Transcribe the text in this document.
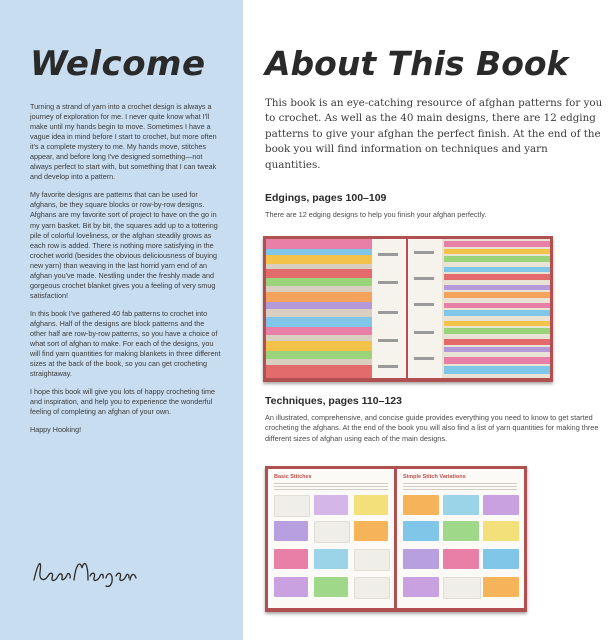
Welcome

Turning a strand of yarn into a crochet design is always a journey of exploration for me. I never quite know what I'll make until my hands begin to move. Sometimes I have a vague idea in mind before I start to crochet, but more often it's a complete mystery to me. My hands move, stitches appear, and before long I've designed something—not always perfect to start with, but something that I can tweak and develop into a pattern.

My favorite designs are patterns that can be used for afghans, be they square blocks or row-by-row designs. Afghans are my favorite sort of project to have on the go in my yarn basket. Bit by bit, the squares add up to a tottering pile of colorful loveliness, or the afghan steadily grows as each row is added. There is nothing more satisfying in the crochet world (besides the obvious deliciousness of buying new yarn) than weaving in the last horrid yarn end of an afghan you've made. Nestling under the freshly made and gorgeous crochet blanket gives you a feeling of very smug satisfaction!

In this book I've gathered 40 fab patterns to crochet into afghans. Half of the designs are block patterns and the other half are row-by-row patterns, so you have a choice of what sort of afghan to make. For each of the designs, you will find yarn quantities for making blankets in three different sizes at the back of the book, so you can get crocheting straightaway.

I hope this book will give you lots of happy crocheting time and inspiration, and help you to experience the wonderful feeling of completing an afghan of your own.

Happy Hooking!

About This Book

This book is an eye-catching resource of afghan patterns for you to crochet. As well as the 40 main designs, there are 12 edging patterns to give your afghan the perfect finish. At the end of the book you will find information on techniques and yarn quantities.

Edgings, pages 100–109

There are 12 edging designs to help you finish your afghan perfectly.

Techniques, pages 110–123

An illustrated, comprehensive, and concise guide provides everything you need to know to get started crocheting the afghans. At the end of the book you will also find a list of yarn quantities for making three different sizes of afghan using each of the main designs.

Basic Stitches	Simple Stitch Variations
